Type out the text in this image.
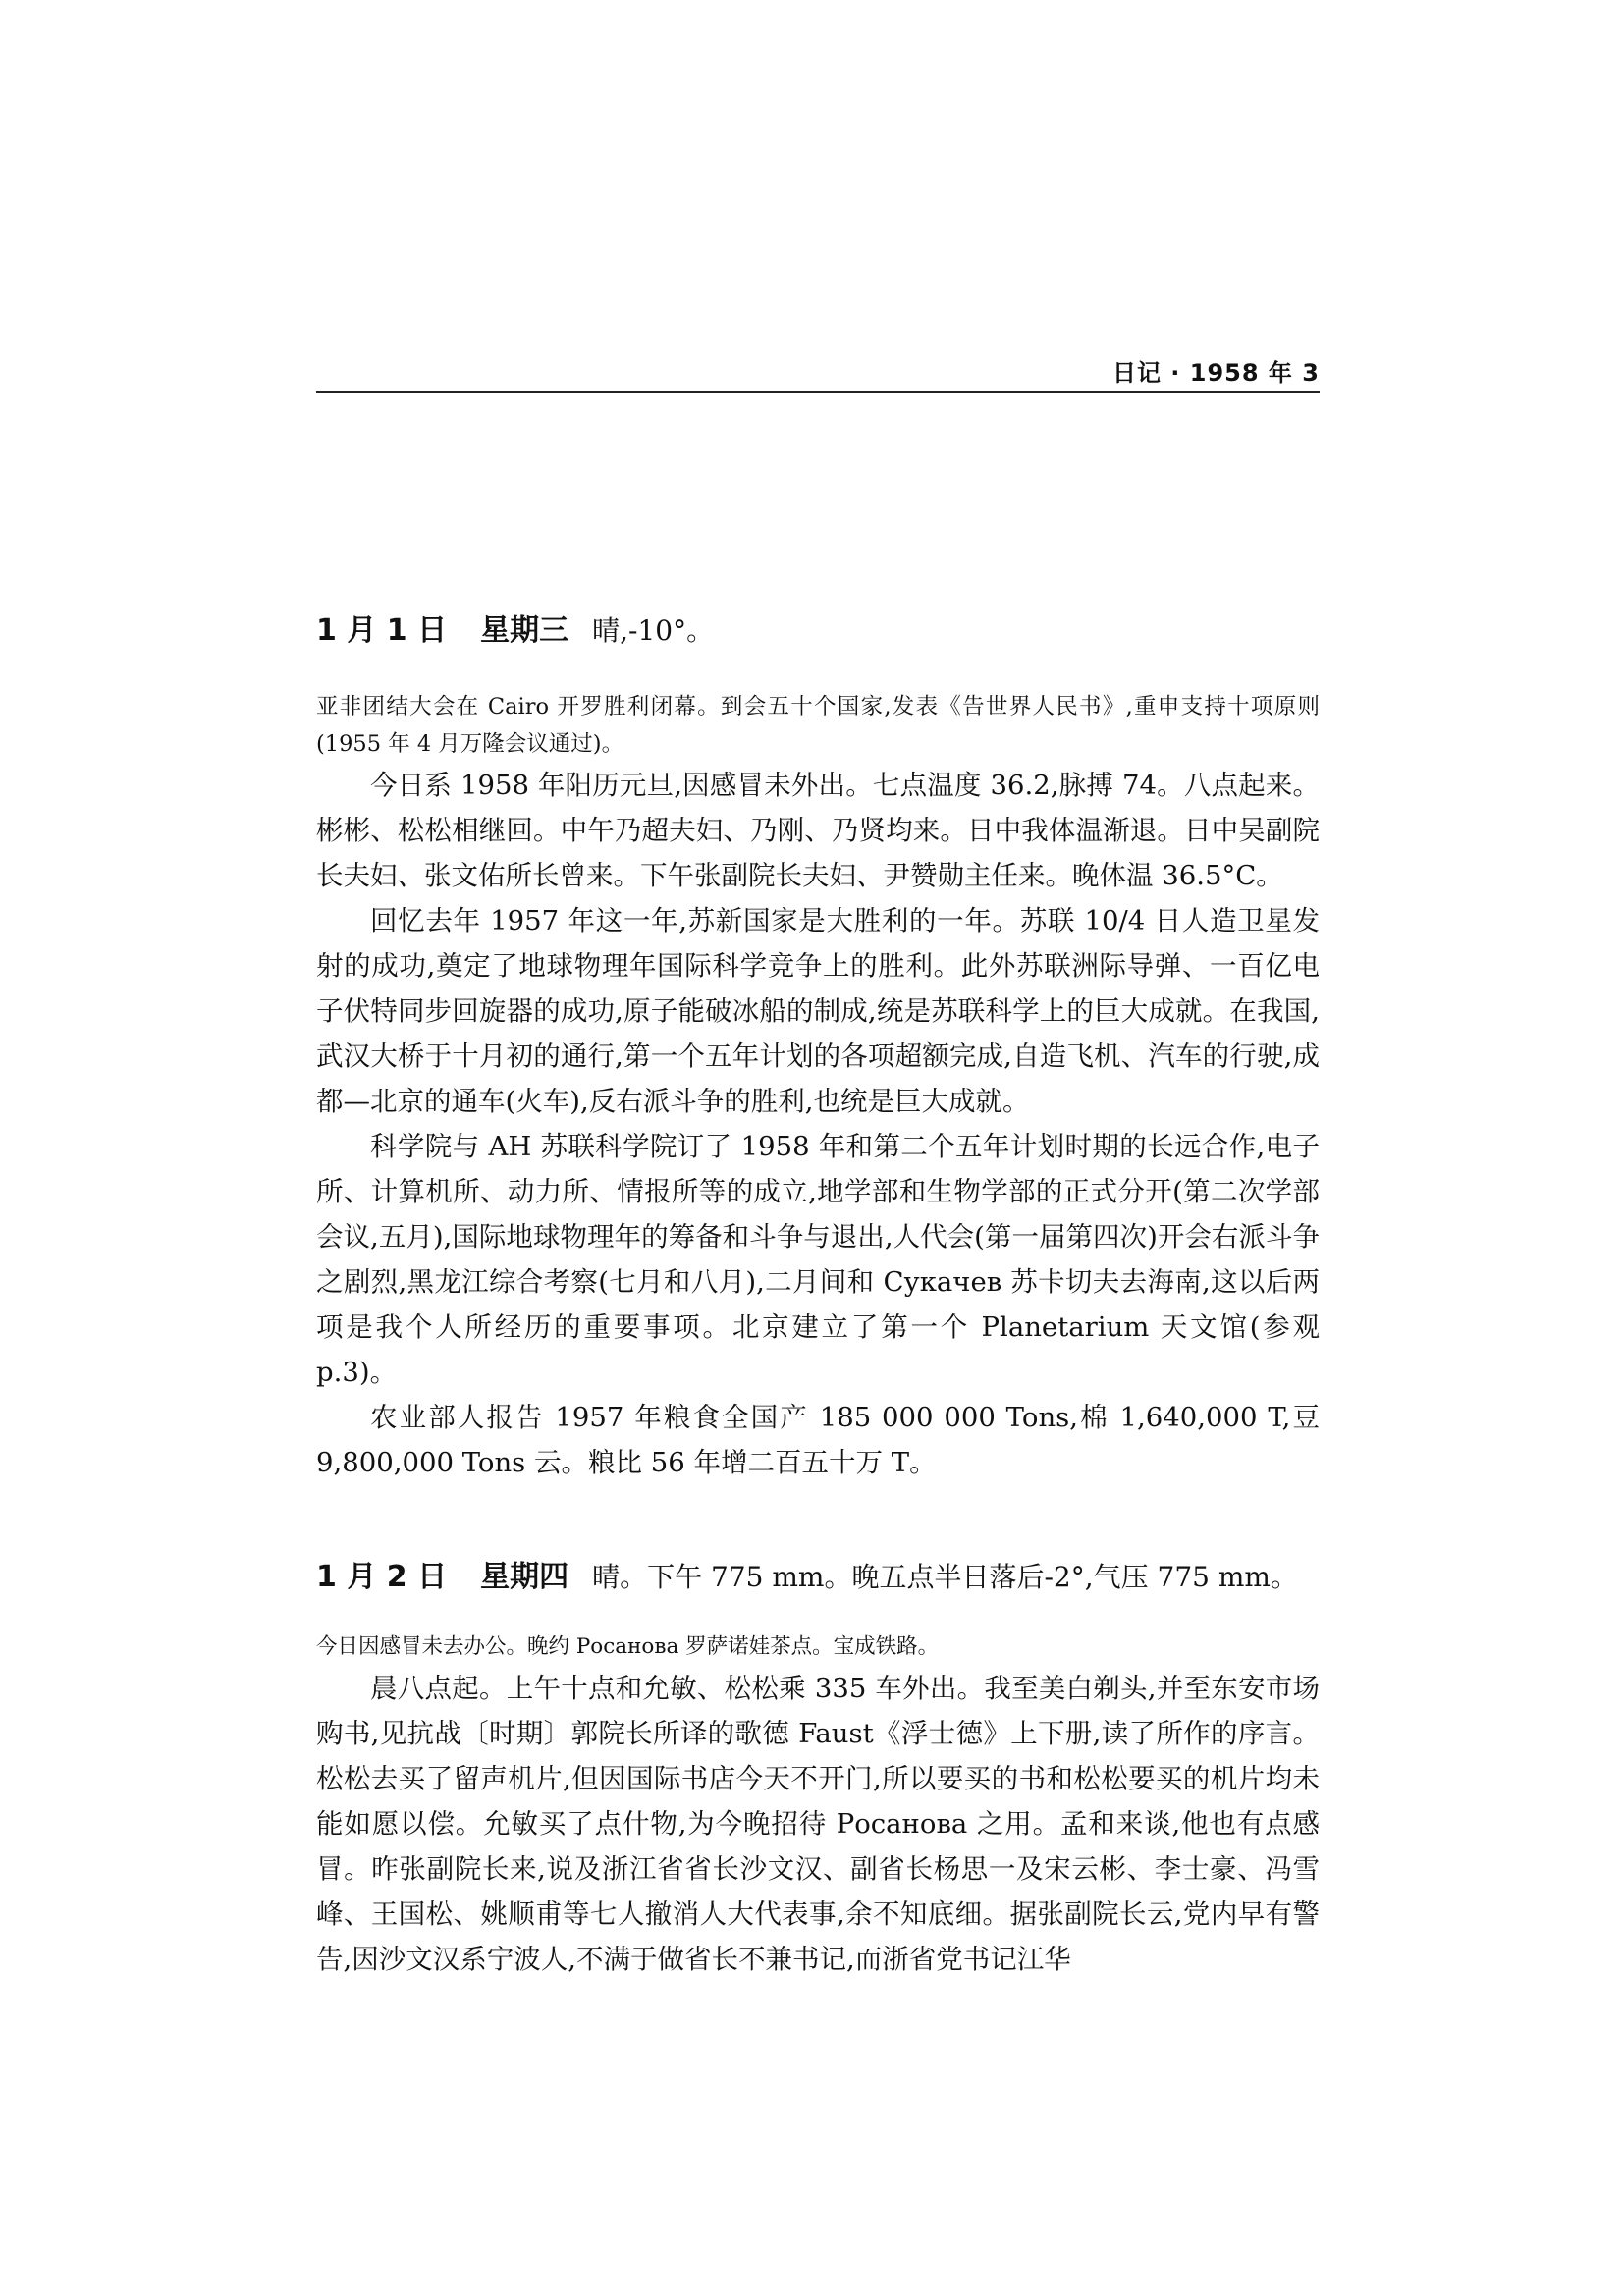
日记 · 1958 年 3
1 月 1 日 星期三 晴,-10°。
亚非团结大会在 Cairo 开罗胜利闭幕。到会五十个国家,发表《告世界人民书》,重申支持十项原则(1955 年 4 月万隆会议通过)。

今日系 1958 年阳历元旦,因感冒未外出。七点温度 36.2,脉搏 74。八点起来。彬彬、松松相继回。中午乃超夫妇、乃刚、乃贤均来。日中我体温渐退。日中吴副院长夫妇、张文佑所长曾来。下午张副院长夫妇、尹赞勋主任来。晚体温 36.5°C。

回忆去年 1957 年这一年,苏新国家是大胜利的一年。苏联 10/4 日人造卫星发射的成功,奠定了地球物理年国际科学竞争上的胜利。此外苏联洲际导弹、一百亿电子伏特同步回旋器的成功,原子能破冰船的制成,统是苏联科学上的巨大成就。在我国,武汉大桥于十月初的通行,第一个五年计划的各项超额完成,自造飞机、汽车的行驶,成都—北京的通车(火车),反右派斗争的胜利,也统是巨大成就。

科学院与 AH 苏联科学院订了 1958 年和第二个五年计划时期的长远合作,电子所、计算机所、动力所、情报所等的成立,地学部和生物学部的正式分开(第二次学部会议,五月),国际地球物理年的筹备和斗争与退出,人代会(第一届第四次)开会右派斗争之剧烈,黑龙江综合考察(七月和八月),二月间和 Сукачев 苏卡切夫去海南,这以后两项是我个人所经历的重要事项。北京建立了第一个 Planetarium 天文馆(参观 p.3)。

农业部人报告 1957 年粮食全国产 185 000 000 Tons,棉 1,640,000 T,豆 9,800,000 Tons 云。粮比 56 年增二百五十万 T。

1 月 2 日 星期四 晴。下午 775 mm。晚五点半日落后-2°,气压 775 mm。
今日因感冒未去办公。晚约 Росанова 罗萨诺娃茶点。宝成铁路。

晨八点起。上午十点和允敏、松松乘 335 车外出。我至美白剃头,并至东安市场购书,见抗战〔时期〕郭院长所译的歌德 Faust《浮士德》上下册,读了所作的序言。松松去买了留声机片,但因国际书店今天不开门,所以要买的书和松松要买的机片均未能如愿以偿。允敏买了点什物,为今晚招待 Росанова 之用。孟和来谈,他也有点感冒。昨张副院长来,说及浙江省省长沙文汉、副省长杨思一及宋云彬、李士豪、冯雪峰、王国松、姚顺甫等七人撤消人大代表事,余不知底细。据张副院长云,党内早有警告,因沙文汉系宁波人,不满于做省长不兼书记,而浙省党书记江华
